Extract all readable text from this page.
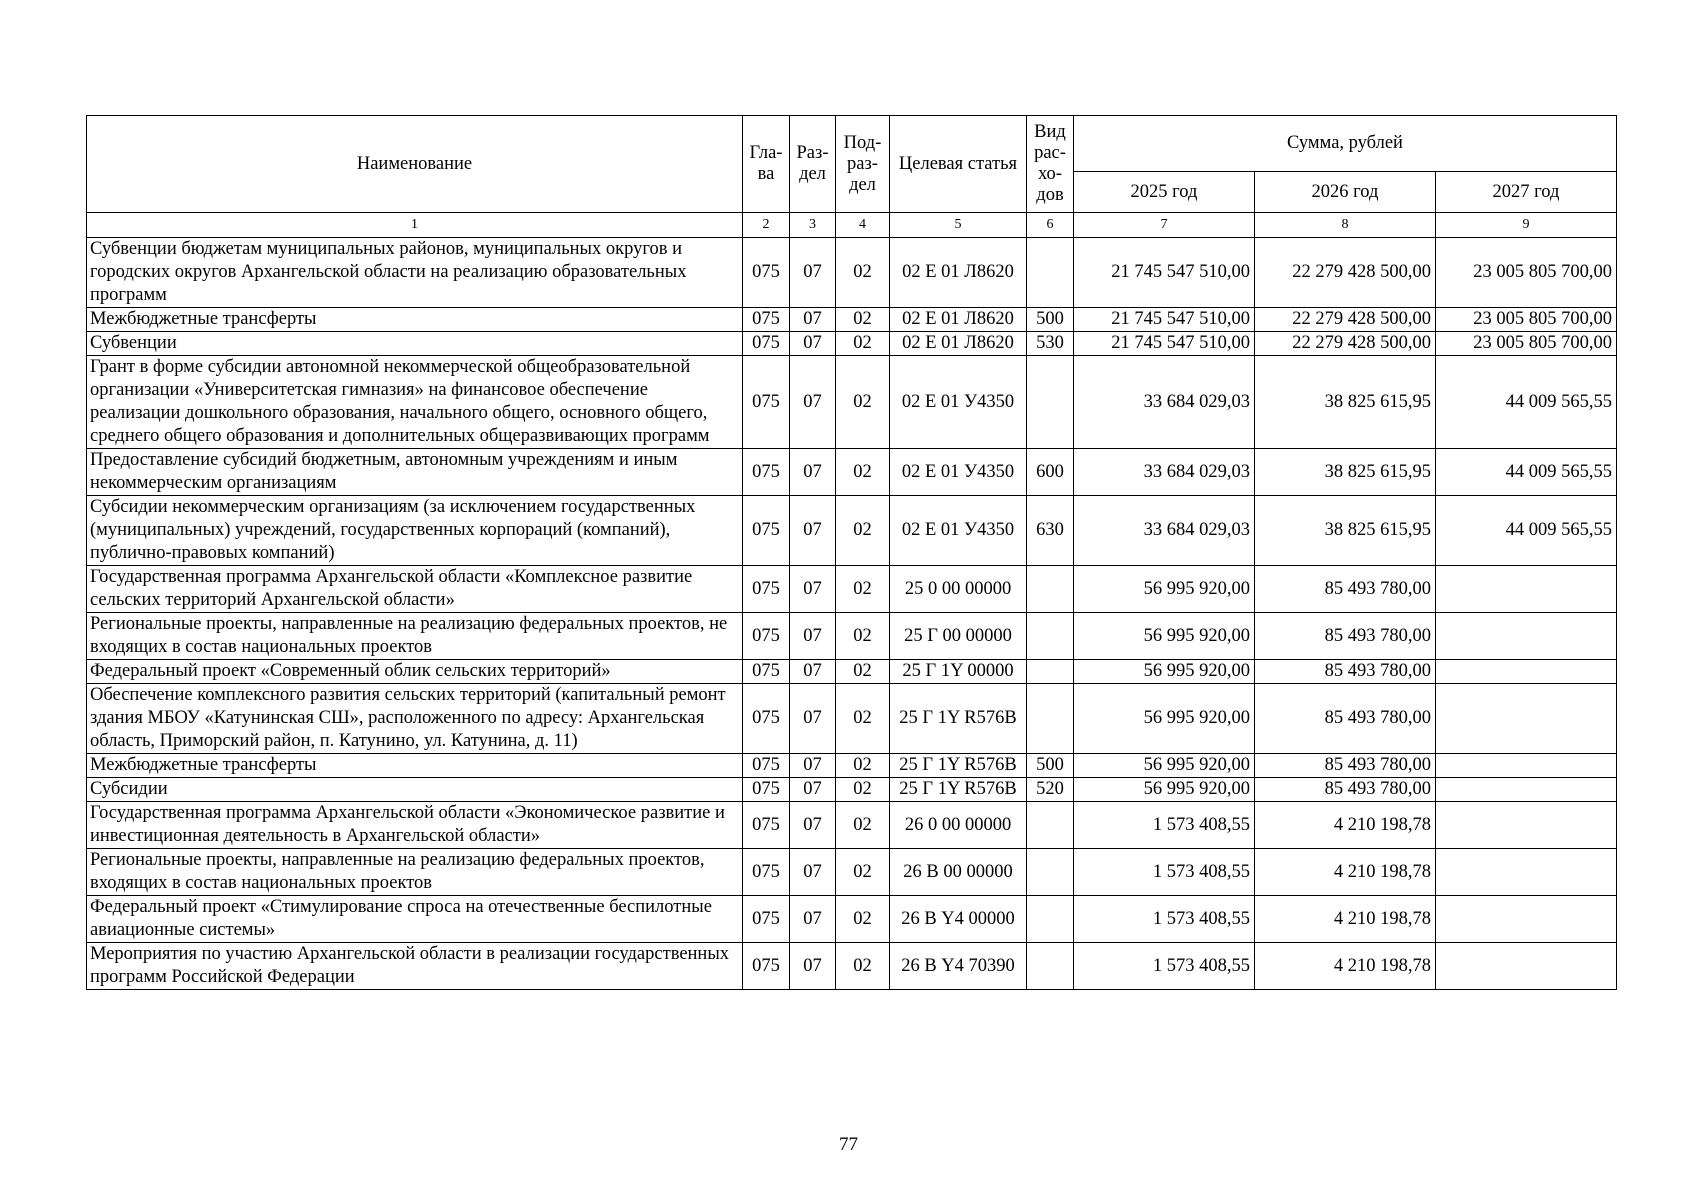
Наименование	Гла-ва	Раз-дел	Под-раз-дел	Целевая статья	Вид рас-хо-дов	Сумма, рублей		
						2025 год	2026 год	2027 год
1	2	3	4	5	6	7	8	9
Субвенции бюджетам муниципальных районов, муниципальных округов и городских округов Архангельской области на реализацию образовательных программ	075	07	02	02 Е 01 Л8620		21 745 547 510,00	22 279 428 500,00	23 005 805 700,00
Межбюджетные трансферты	075	07	02	02 Е 01 Л8620	500	21 745 547 510,00	22 279 428 500,00	23 005 805 700,00
Субвенции	075	07	02	02 Е 01 Л8620	530	21 745 547 510,00	22 279 428 500,00	23 005 805 700,00
Грант в форме субсидии автономной некоммерческой общеобразовательной организации «Университетская гимназия» на финансовое обеспечение реализации дошкольного образования, начального общего, основного общего, среднего общего образования и дополнительных общеразвивающих программ	075	07	02	02 Е 01 У4350		33 684 029,03	38 825 615,95	44 009 565,55
Предоставление субсидий бюджетным, автономным учреждениям и иным некоммерческим организациям	075	07	02	02 Е 01 У4350	600	33 684 029,03	38 825 615,95	44 009 565,55
Субсидии некоммерческим организациям (за исключением государственных (муниципальных) учреждений, государственных корпораций (компаний), публично-правовых компаний)	075	07	02	02 Е 01 У4350	630	33 684 029,03	38 825 615,95	44 009 565,55
Государственная программа Архангельской области «Комплексное развитие сельских территорий Архангельской области»	075	07	02	25 0 00 00000		56 995 920,00	85 493 780,00	
Региональные проекты, направленные на реализацию федеральных проектов, не входящих в состав национальных проектов	075	07	02	25 Г 00 00000		56 995 920,00	85 493 780,00	
Федеральный проект «Современный облик сельских территорий»	075	07	02	25 Г 1Y 00000		56 995 920,00	85 493 780,00	
Обеспечение комплексного развития сельских территорий (капитальный ремонт здания МБОУ «Катунинская СШ», расположенного по адресу: Архангельская область, Приморский район, п. Катунино, ул. Катунина, д. 11)	075	07	02	25 Г 1Y R576В		56 995 920,00	85 493 780,00	
Межбюджетные трансферты	075	07	02	25 Г 1Y R576В	500	56 995 920,00	85 493 780,00	
Субсидии	075	07	02	25 Г 1Y R576В	520	56 995 920,00	85 493 780,00	
Государственная программа Архангельской области «Экономическое развитие и инвестиционная деятельность в Архангельской области»	075	07	02	26 0 00 00000		1 573 408,55	4 210 198,78	
Региональные проекты, направленные на реализацию федеральных проектов, входящих в состав национальных проектов	075	07	02	26 В 00 00000		1 573 408,55	4 210 198,78	
Федеральный проект «Стимулирование спроса на отечественные беспилотные авиационные системы»	075	07	02	26 В Y4 00000		1 573 408,55	4 210 198,78	
Мероприятия по участию Архангельской области в реализации государственных программ Российской Федерации	075	07	02	26 В Y4 70390		1 573 408,55	4 210 198,78	
77
